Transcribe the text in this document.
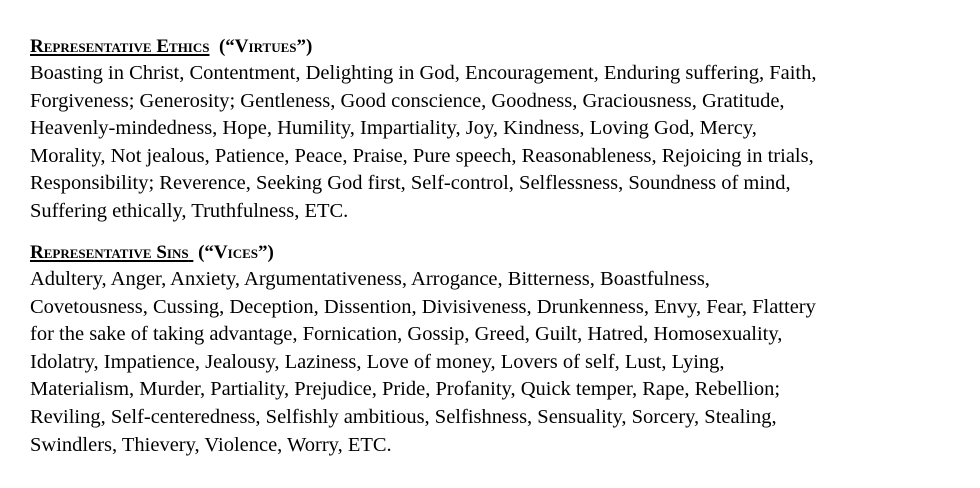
Representative Ethics (“Virtues”)
Boasting in Christ, Contentment, Delighting in God, Encouragement, Enduring suffering, Faith,
Forgiveness; Generosity; Gentleness, Good conscience, Goodness, Graciousness, Gratitude,
Heavenly-mindedness, Hope, Humility, Impartiality, Joy, Kindness, Loving God, Mercy,
Morality, Not jealous, Patience, Peace, Praise, Pure speech, Reasonableness, Rejoicing in trials,
Responsibility; Reverence, Seeking God first, Self-control, Selflessness, Soundness of mind,
Suffering ethically, Truthfulness, ETC.
Representative Sins (“Vices”)
Adultery, Anger, Anxiety, Argumentativeness, Arrogance, Bitterness, Boastfulness,
Covetousness, Cussing, Deception, Dissention, Divisiveness, Drunkenness, Envy, Fear, Flattery
for the sake of taking advantage, Fornication, Gossip, Greed, Guilt, Hatred, Homosexuality,
Idolatry, Impatience, Jealousy, Laziness, Love of money, Lovers of self, Lust, Lying,
Materialism, Murder, Partiality, Prejudice, Pride, Profanity, Quick temper, Rape, Rebellion;
Reviling, Self-centeredness, Selfishly ambitious, Selfishness, Sensuality, Sorcery, Stealing,
Swindlers, Thievery, Violence, Worry, ETC.
